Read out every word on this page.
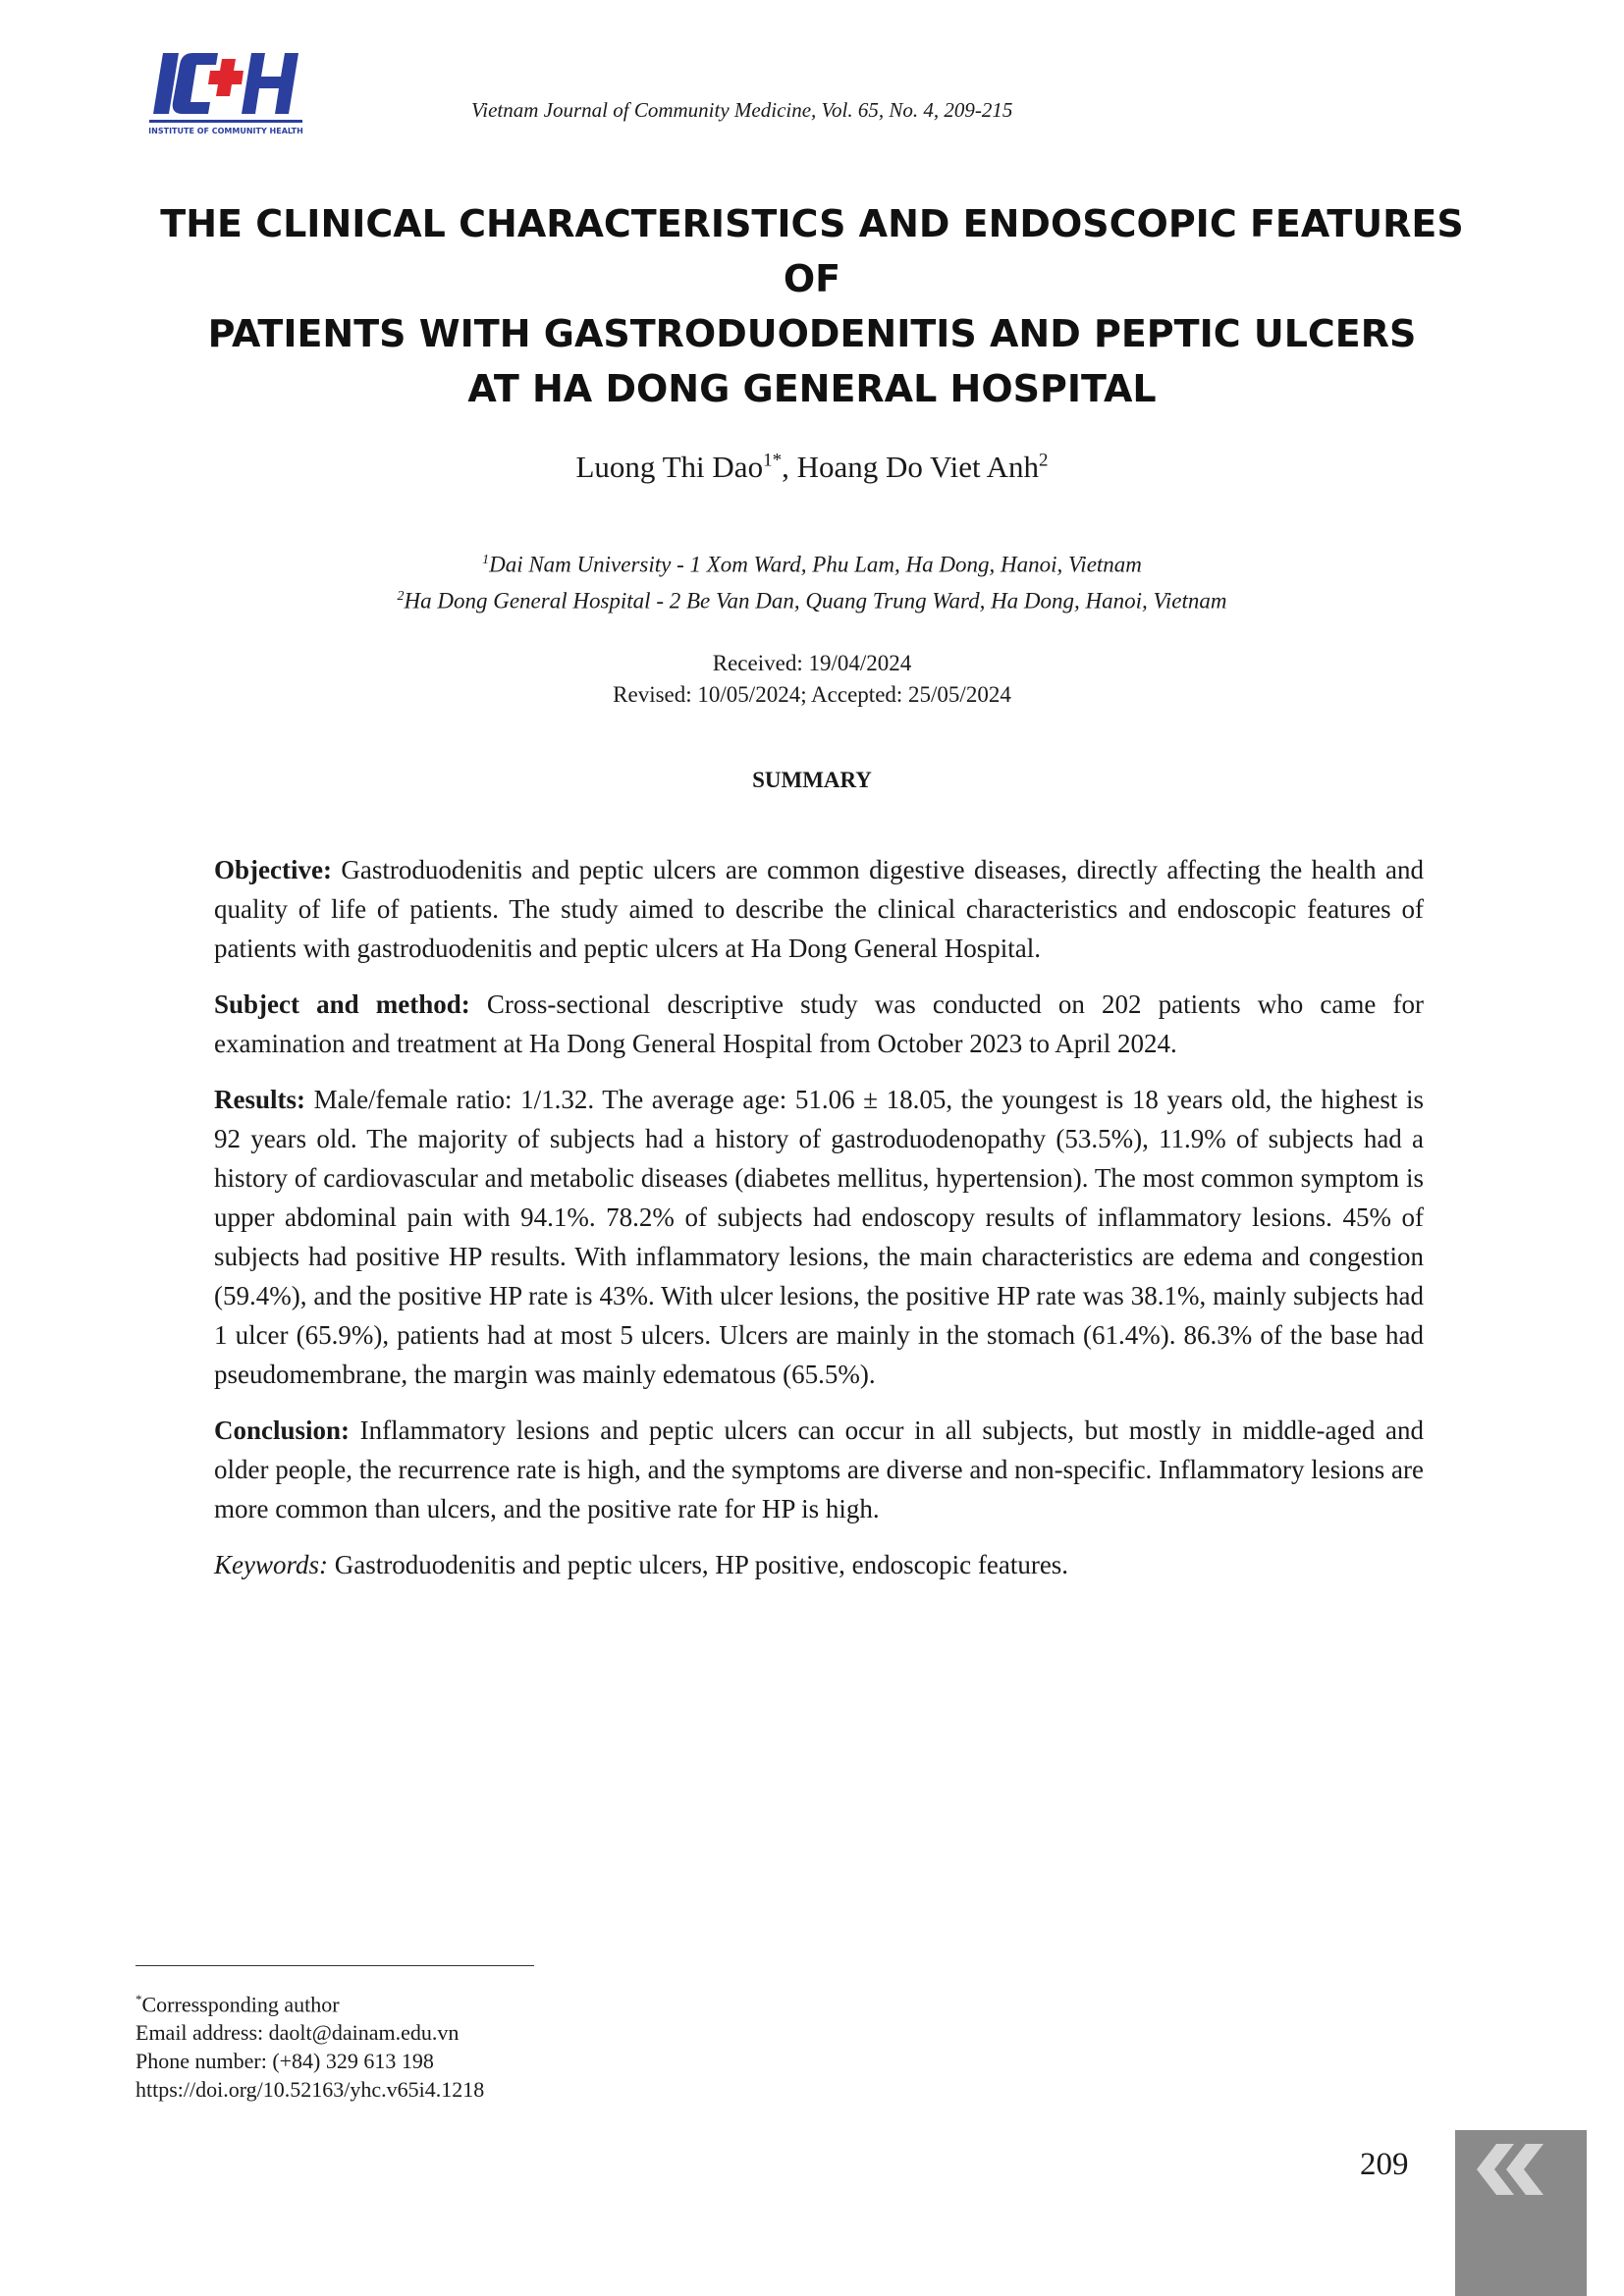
INSTITUTE OF COMMUNITY HEALTH
Vietnam Journal of Community Medicine, Vol. 65, No. 4, 209-215
THE CLINICAL CHARACTERISTICS AND ENDOSCOPIC FEATURES OF
PATIENTS WITH GASTRODUODENITIS AND PEPTIC ULCERS
AT HA DONG GENERAL HOSPITAL
Luong Thi Dao$^{1*}$, Hoang Do Viet Anh$^2$
$^1$Dai Nam University - 1 Xom Ward, Phu Lam, Ha Dong, Hanoi, Vietnam
$^2$Ha Dong General Hospital - 2 Be Van Dan, Quang Trung Ward, Ha Dong, Hanoi, Vietnam
Received: 19/04/2024
Revised: 10/05/2024; Accepted: 25/05/2024
SUMMARY

Objective: Gastroduodenitis and peptic ulcers are common digestive diseases, directly affecting the health and quality of life of patients. The study aimed to describe the clinical characteristics and endoscopic features of patients with gastroduodenitis and peptic ulcers at Ha Dong General Hospital.

Subject and method: Cross-sectional descriptive study was conducted on 202 patients who came for examination and treatment at Ha Dong General Hospital from October 2023 to April 2024.

Results: Male/female ratio: 1/1.32. The average age: 51.06 ± 18.05, the youngest is 18 years old, the highest is 92 years old. The majority of subjects had a history of gastroduodenopathy (53.5%), 11.9% of subjects had a history of cardiovascular and metabolic diseases (diabetes mellitus, hypertension). The most common symptom is upper abdominal pain with 94.1%. 78.2% of subjects had endoscopy results of inflammatory lesions. 45% of subjects had positive HP results. With inflammatory lesions, the main characteristics are edema and congestion (59.4%), and the positive HP rate is 43%. With ulcer lesions, the positive HP rate was 38.1%, mainly subjects had 1 ulcer (65.9%), patients had at most 5 ulcers. Ulcers are mainly in the stomach (61.4%). 86.3% of the base had pseudomembrane, the margin was mainly edematous (65.5%).

Conclusion: Inflammatory lesions and peptic ulcers can occur in all subjects, but mostly in middle-aged and older people, the recurrence rate is high, and the symptoms are diverse and non-specific. Inflammatory lesions are more common than ulcers, and the positive rate for HP is high.

Keywords: Gastroduodenitis and peptic ulcers, HP positive, endoscopic features.

*Corressponding author
Email address: daolt@dainam.edu.vn
Phone number: (+84) 329 613 198
https://doi.org/10.52163/yhc.v65i4.1218
209
